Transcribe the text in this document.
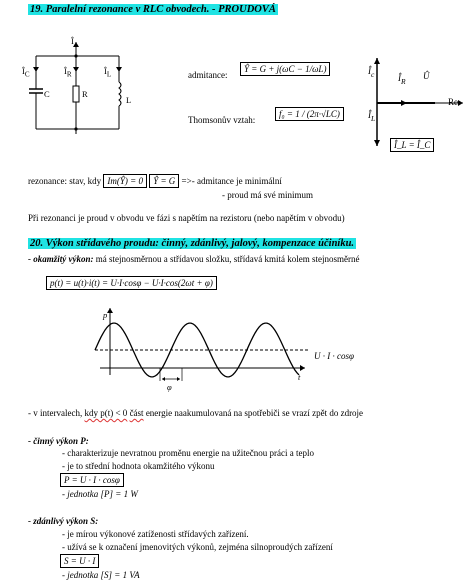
19. Paralelní rezonance v RLC obvodech. - PROUDOVÁ
Î
$Î_C$	$Î_R$	$Î_L$
C	R
L
admitance:
Ŷ = G + j(ωC − 1/ωL)
Thomsonův vztah:
f₀ = 1 / (2π·√LC)
$Î_c$	$Î_R$
Û
Re
$Î_L$
Î_L = Î_C
rezonance: stav, kdy Im(Ŷ) = 0 Ŷ = G =>- admitance je minimální
- proud má své minimum
Při rezonanci je proud v obvodu ve fázi s napětím na rezistoru (nebo napětím v obvodu)
20. Výkon střídavého proudu: činný, zdánlivý, jalový, kompenzace účiníku.
- okamžitý výkon: má stejnosměrnou a střídavou složku, střídavá kmitá kolem stejnosměrné
p(t) = u(t)·i(t) = U·I·cosφ − U·I·cos(2ωt + φ)
p
t
φ
U · I · cosφ
- v intervalech, kdy p(t) < 0 část energie naakumulovaná na spotřebiči se vrazí zpět do zdroje
- činný výkon P:
- charakterizuje nevratnou proměnu energie na užitečnou práci a teplo
- je to střední hodnota okamžitého výkonu
P = U · I · cosφ
- jednotka [P] = 1 W
- zdánlivý výkon S:
- je mírou výkonové zatíženosti střídavých zařízení.
- užívá se k označení jmenovitých výkonů, zejména silnoproudých zařízení
S = U · I
- jednotka [S] = 1 VA
